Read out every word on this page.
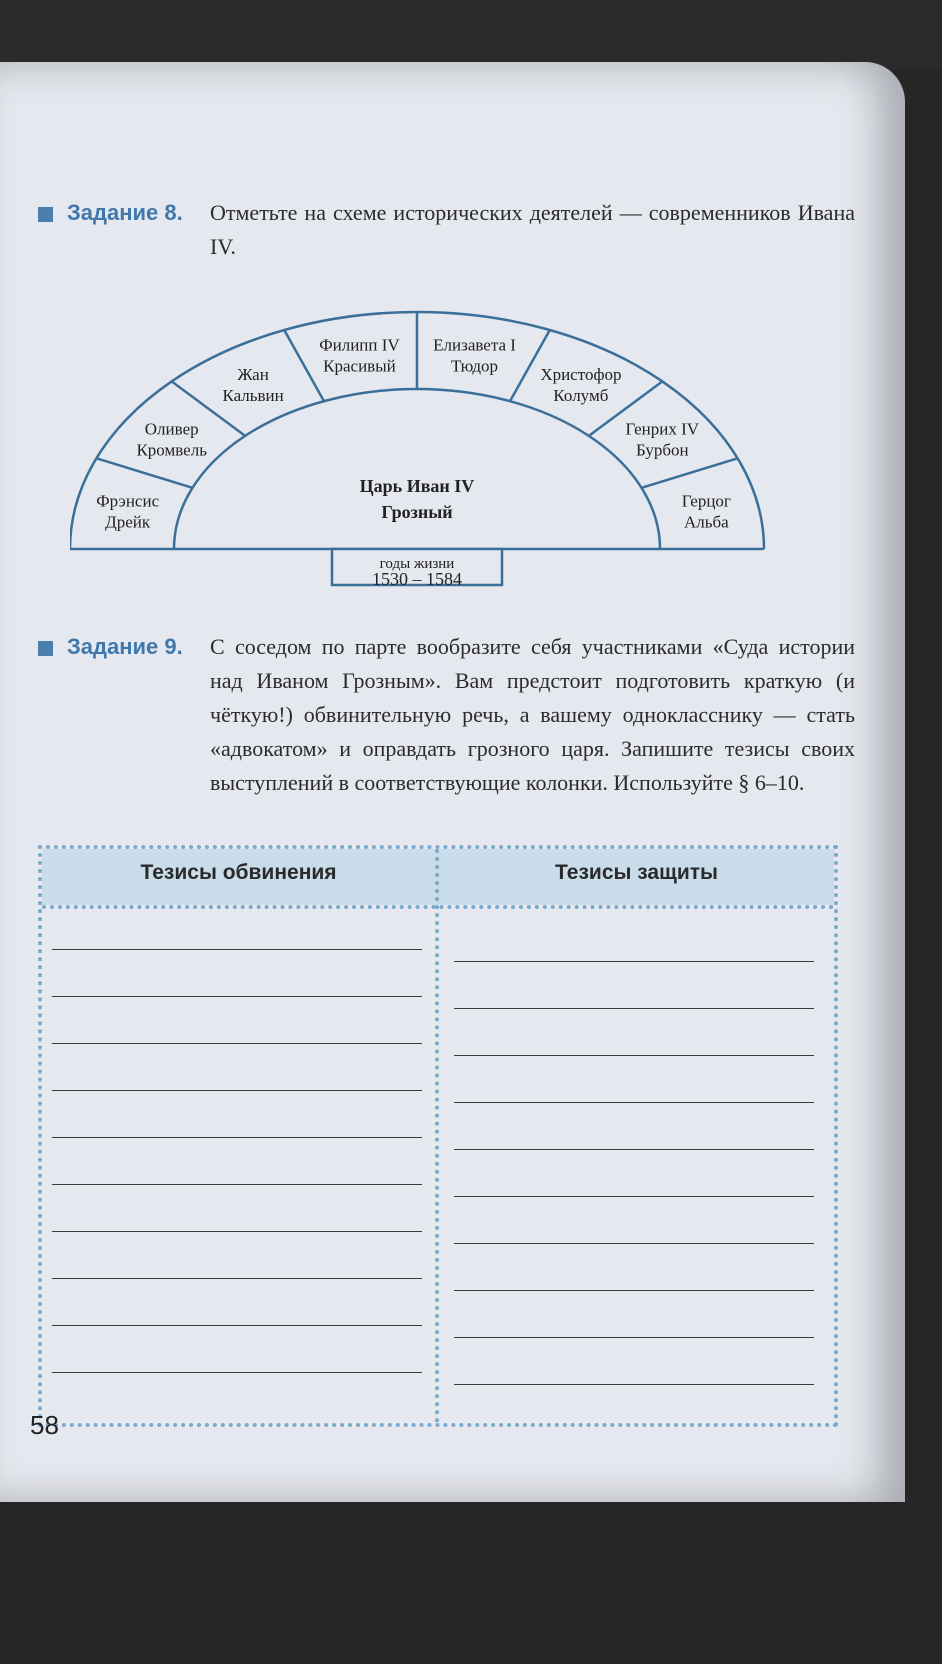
Задание 8. Отметьте на схеме исторических деятелей — современников Ивана IV.
Фрэнсис
Дрейк
Оливер
Кромвель
Жан
Кальвин
Филипп IV
Красивый
Елизавета I
Тюдор Христофор
Колумб
Генрих IV
Бурбон
Герцог
Альба
Царь Иван IV
Грозный
годы жизни
1530 – 1584
Задание 9. С соседом по парте вообразите себя участниками «Суда истории над Иваном Грозным». Вам предстоит подготовить краткую (и чёткую!) обвинительную речь, а вашему однокласснику — стать «адвокатом» и оправдать грозного царя. Запишите тезисы своих выступлений в соответствующие колонки. Используйте § 6–10.
Тезисы обвинения	Тезисы защиты
58
